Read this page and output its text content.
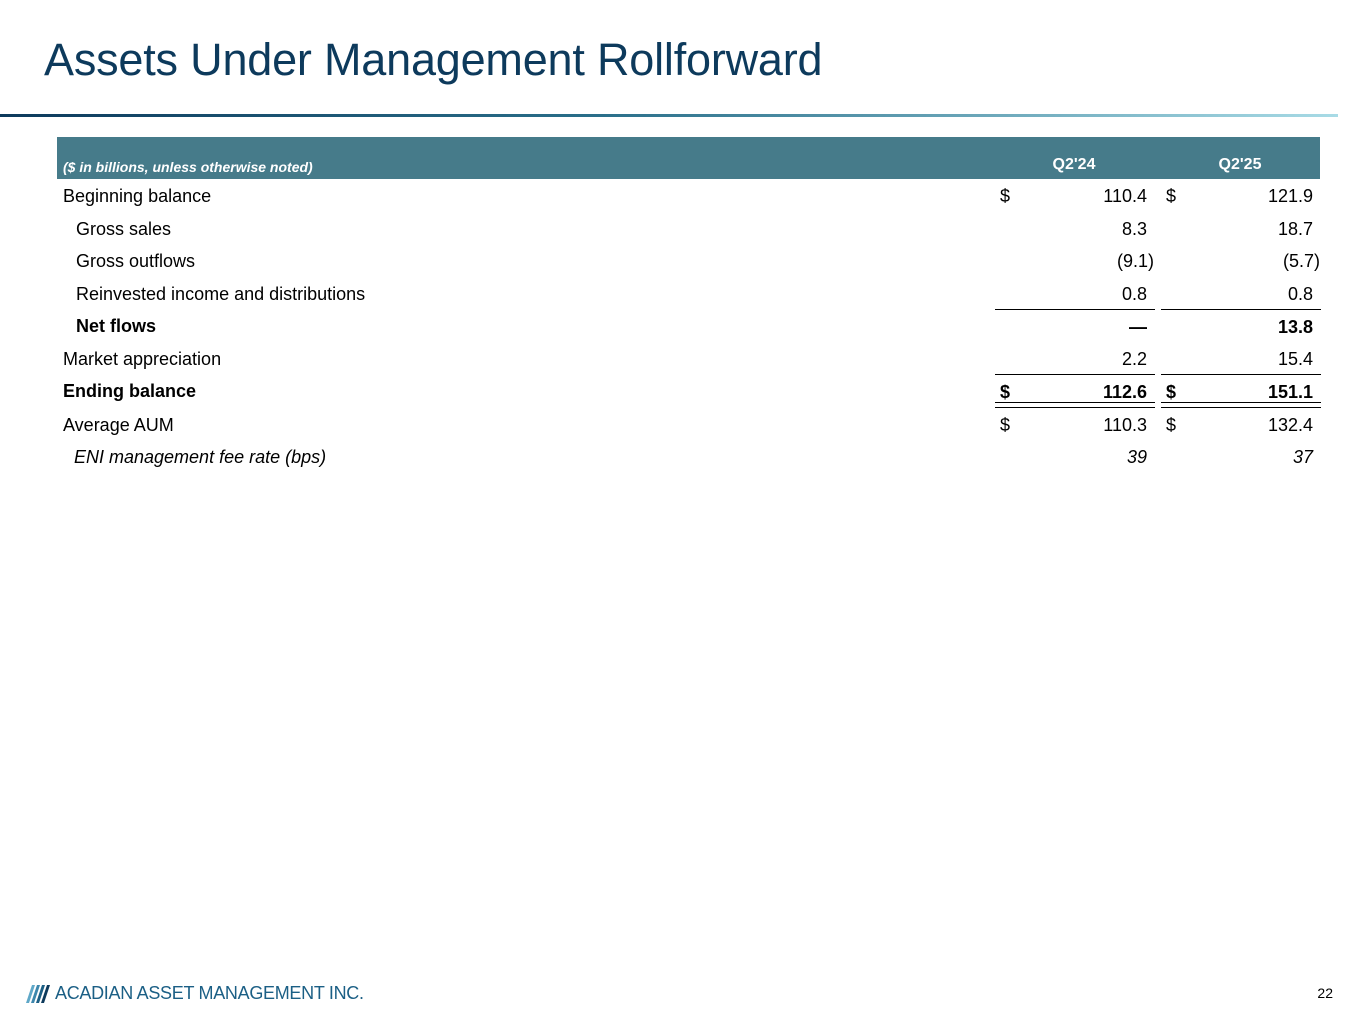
Assets Under Management Rollforward
($ in billions, unless otherwise noted)	Q2'24	Q2'25
Beginning balance	$	110.4 $	121.9
Gross sales	8.3	18.7
Gross outflows	(9.1)	(5.7)
Reinvested income and distributions	0.8	0.8
Net flows	—	13.8
Market appreciation	2.2	15.4
Ending balance	$	112.6 $	151.1
Average AUM	$	110.3 $	132.4
ENI management fee rate (bps)	39	37
ACADIAN ASSET MANAGEMENT INC.	22
